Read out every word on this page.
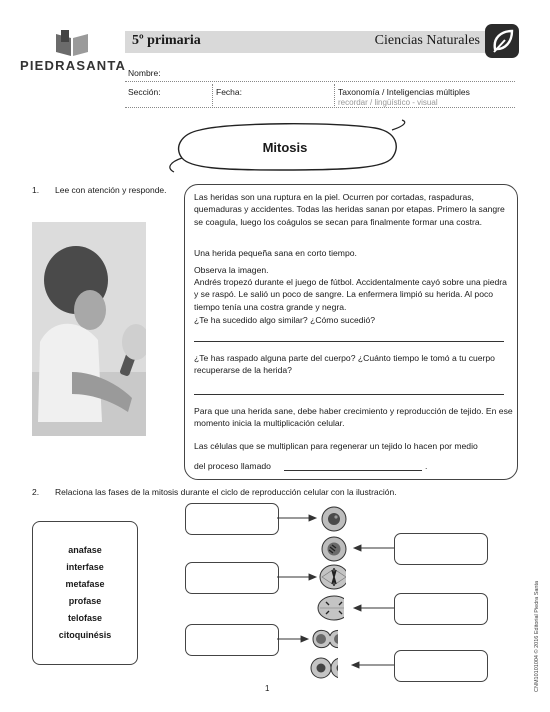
PIEDRASANTA
5º primaria	Ciencias Naturales
Nombre:
Sección:	Fecha:	Taxonomía / Inteligencias múltiples
recordar / lingüístico - visual
Mitosis
1. Lee con atención y responde.
Las heridas son una ruptura en la piel. Ocurren por cortadas, raspaduras, quemaduras y accidentes. Todas las heridas sanan por etapas. Primero la sangre se coagula, luego los coágulos se secan para finalmente formar una costra.
Una herida pequeña sana en corto tiempo.
Observa la imagen.
Andrés tropezó durante el juego de fútbol. Accidentalmente cayó sobre una piedra y se raspó. Le salió un poco de sangre. La enfermera limpió su herida. Al poco tiempo tenía una costra grande y negra.
¿Te ha sucedido algo similar? ¿Cómo sucedió?
¿Te has raspado alguna parte del cuerpo? ¿Cuánto tiempo le tomó a tu cuerpo recuperarse de la herida?
Para que una herida sane, debe haber crecimiento y reproducción de tejido. En ese momento inicia la multiplicación celular.
Las células que se multiplican para regenerar un tejido lo hacen por medio
del proceso llamado	.
2. Relaciona las fases de la mitosis durante el ciclo de reproducción celular con la ilustración.
anafase
interfase
metafase
profase
telofase
citoquinésis
1	CNM10101004 © 2016 Editorial Piedra Santa
